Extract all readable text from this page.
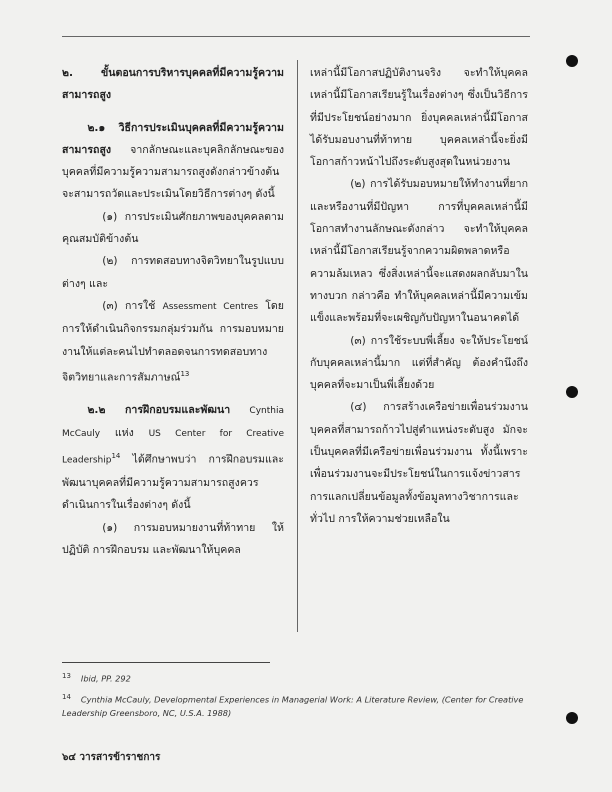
๒. ขั้นตอนการบริหารบุคคลที่มีความรู้ความสามารถสูง

๒.๑ วิธีการประเมินบุคคลที่มีความรู้ความสามารถสูง จากลักษณะและบุคลิกลักษณะของบุคคลที่มีความรู้ความสามารถสูงดังกล่าวข้างต้น จะสามารถวัดและประเมินโดยวิธีการต่างๆ ดังนี้

(๑) การประเมินศักยภาพของบุคคลตามคุณสมบัติข้างต้น

(๒) การทดสอบทางจิตวิทยาในรูปแบบต่างๆ และ

(๓) การใช้ Assessment Centres โดยการให้ดำเนินกิจกรรมกลุ่มร่วมกัน การมอบหมายงานให้แต่ละคนไปทำตลอดจนการทดสอบทางจิตวิทยาและการสัมภาษณ์$^{13}$

๒.๒ การฝึกอบรมและพัฒนา Cynthia McCauly แห่ง US Center for Creative Leadership$^{14}$ ได้ศึกษาพบว่า การฝึกอบรมและพัฒนาบุคคลที่มีความรู้ความสามารถสูงควรดำเนินการในเรื่องต่างๆ ดังนี้

(๑) การมอบหมายงานที่ท้าทาย ให้ปฏิบัติ การฝึกอบรม และพัฒนาให้บุคคล

เหล่านี้มีโอกาสปฏิบัติงานจริง จะทำให้บุคคลเหล่านี้มีโอกาสเรียนรู้ในเรื่องต่างๆ ซึ่งเป็นวิธีการที่มีประโยชน์อย่างมาก ยิ่งบุคคลเหล่านี้มีโอกาสได้รับมอบงานที่ท้าทาย บุคคลเหล่านี้จะยิ่งมีโอกาสก้าวหน้าไปถึงระดับสูงสุดในหน่วยงาน

(๒) การได้รับมอบหมายให้ทำงานที่ยากและหรืองานที่มีปัญหา การที่บุคคลเหล่านี้มีโอกาสทำงานลักษณะดังกล่าว จะทำให้บุคคลเหล่านี้มีโอกาสเรียนรู้จากความผิดพลาดหรือความล้มเหลว ซึ่งสิ่งเหล่านี้จะแสดงผลกลับมาในทางบวก กล่าวคือ ทำให้บุคคลเหล่านี้มีความเข้มแข็งและพร้อมที่จะเผชิญกับปัญหาในอนาคตได้

(๓) การใช้ระบบพี่เลี้ยง จะให้ประโยชน์กับบุคคลเหล่านี้มาก แต่ที่สำคัญ ต้องคำนึงถึงบุคคลที่จะมาเป็นพี่เลี้ยงด้วย

(๔) การสร้างเครือข่ายเพื่อนร่วมงาน บุคคลที่สามารถก้าวไปสู่ตำแหน่งระดับสูง มักจะเป็นบุคคลที่มีเครือข่ายเพื่อนร่วมงาน ทั้งนี้เพราะเพื่อนร่วมงานจะมีประโยชน์ในการแจ้งข่าวสาร การแลกเปลี่ยนข้อมูลทั้งข้อมูลทางวิชาการและทั่วไป การให้ความช่วยเหลือใน

$^{13}$ Ibid, PP. 292

$^{14}$ Cynthia McCauly, Developmental Experiences in Managerial Work: A Literature Review, (Center for Creative Leadership Greensboro, NC, U.S.A. 1988)

๖๔ วารสารข้าราชการ
